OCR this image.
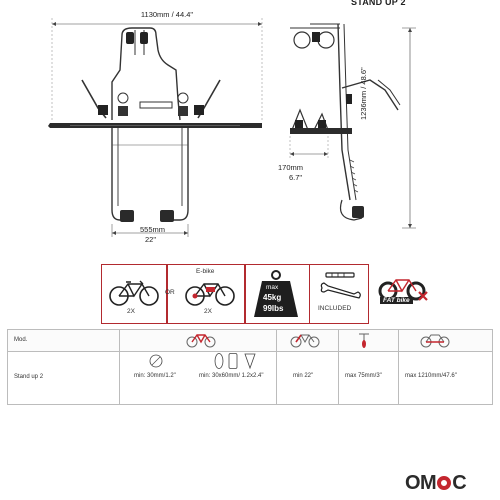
STAND UP 2
1130mm / 44.4"
555mm
22"
170mm
6.7"
1236mm / 48.6"
2X
OR
E-bike
2X
max
45kg
99lbs	INCLUDED
FAT bike
Mod.
Stand up 2	min: 30mm/1.2"	min: 30x60mm/ 1.2x2.4"	min 22"	max 75mm/3"	max 1210mm/47.6"
OM C
